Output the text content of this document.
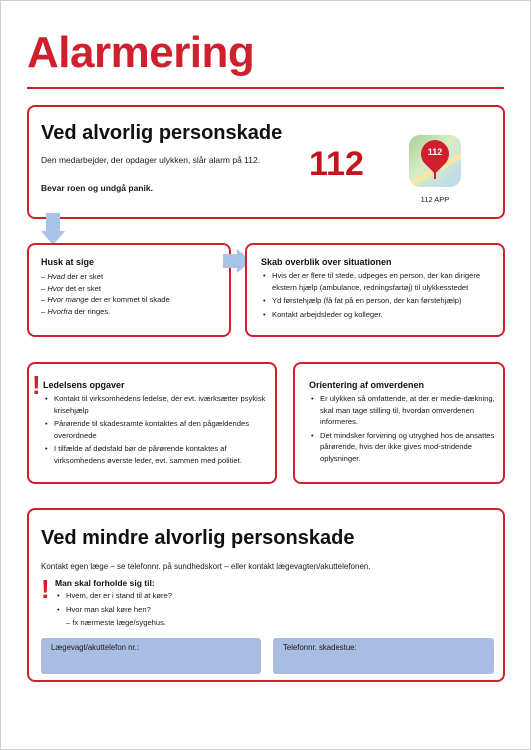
Alarmering
Ved alvorlig personskade
Den medarbejder, der opdager ulykken, slår alarm på 112.
Bevar roen og undgå panik.
112	112
112 APP
Husk at sige
– Hvad der er sket
– Hvor det er sket
– Hvor mange der er kommet til skade
– Hvorfra der ringes.
Skab overblik over situationen
• Hvis der er flere til stede, udpeges en person, der kan dirigere ekstern hjælp (ambulance, redningsfartøj) til ulykkesstedet
• Yd førstehjælp (få fat på en person, der kan førstehjælp)
• Kontakt arbejdsleder og kolleger.
! Ledelsens opgaver
• Kontakt til virksomhedens ledelse, der evt. iværksætter psykisk krisehjælp
• Pårørende til skadesramte kontaktes af den pågældendes overordnede
• I tilfælde af dødsfald bør de pårørende kontaktes af virksomhedens øverste leder, evt. sammen med politiet.
Orientering af omverdenen
• Er ulykken så omfattende, at der er medie-dækning, skal man tage stilling til, hvordan omverdenen informeres.
• Det mindsker forvirring og utryghed hos de ansattes pårørende, hvis der ikke gives mod-stridende oplysninger.
Ved mindre alvorlig personskade
Kontakt egen læge – se telefonnr. på sundhedskort – eller kontakt lægevagten/akuttelefonen.
! Man skal forholde sig til:
• Hvem, der er i stand til at køre?
• Hvor man skal køre hen?
– fx nærmeste læge/sygehus.
Lægevagt/akuttelefon nr.:	Telefonnr. skadestue:
